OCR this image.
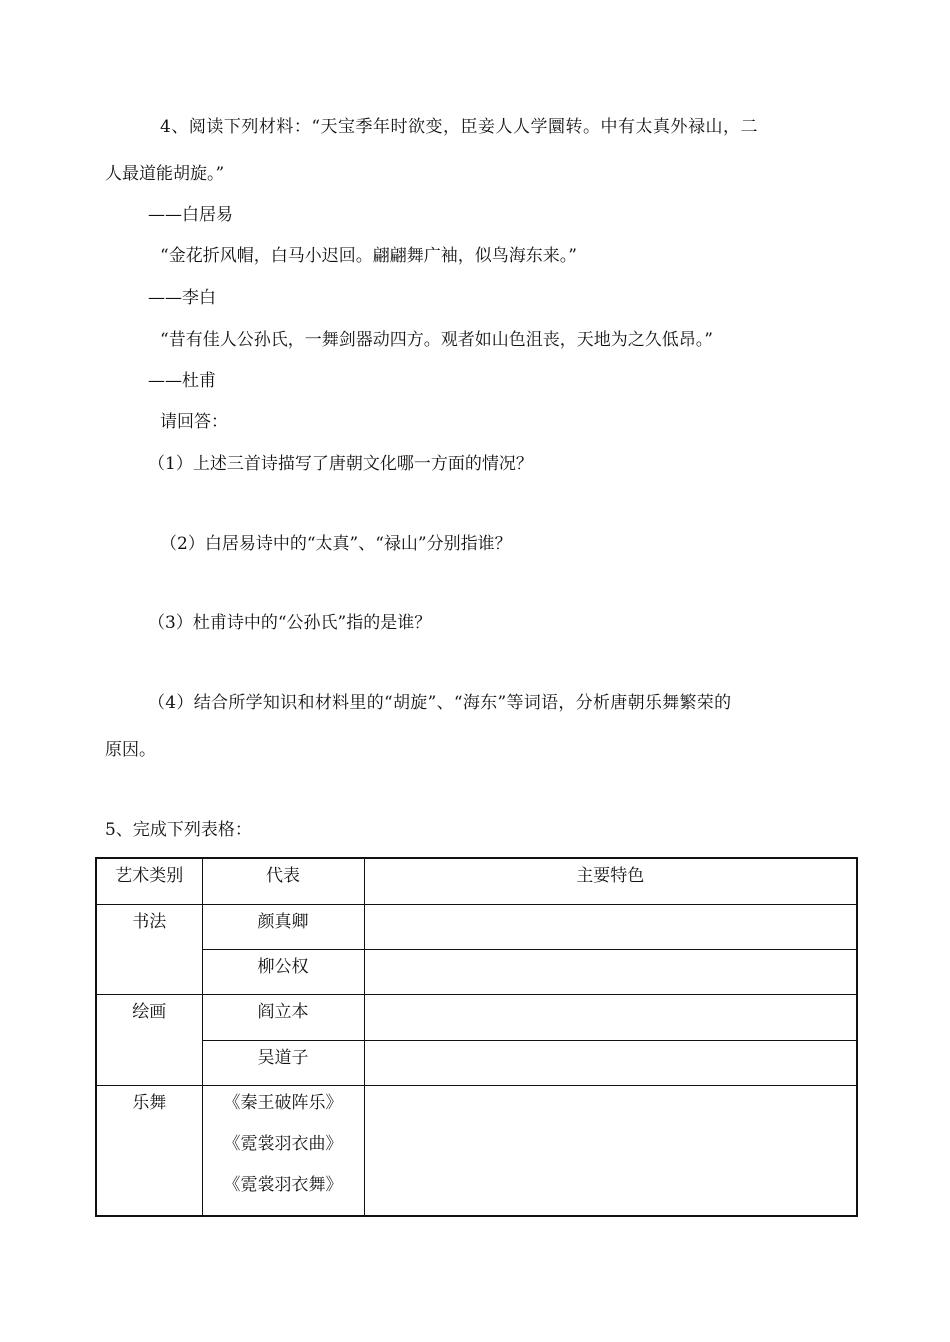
4、阅读下列材料：“天宝季年时欲变，臣妾人人学圜转。中有太真外禄山，二
人最道能胡旋。”
——白居易
“金花折风帽，白马小迟回。翩翩舞广袖，似鸟海东来。”
——李白
“昔有佳人公孙氏，一舞剑器动四方。观者如山色沮丧，天地为之久低昂。”
——杜甫
请回答：
（1）上述三首诗描写了唐朝文化哪一方面的情况？
（2）白居易诗中的“太真”、“禄山”分别指谁？
（3）杜甫诗中的“公孙氏”指的是谁？
（4）结合所学知识和材料里的“胡旋”、“海东”等词语，分析唐朝乐舞繁荣的
原因。
5、完成下列表格：
艺术类别	代表	主要特色
书法	颜真卿	
	柳公权	
绘画	阎立本	
	吴道子	
乐舞	《秦王破阵乐》
《霓裳羽衣曲》
《霓裳羽衣舞》	
